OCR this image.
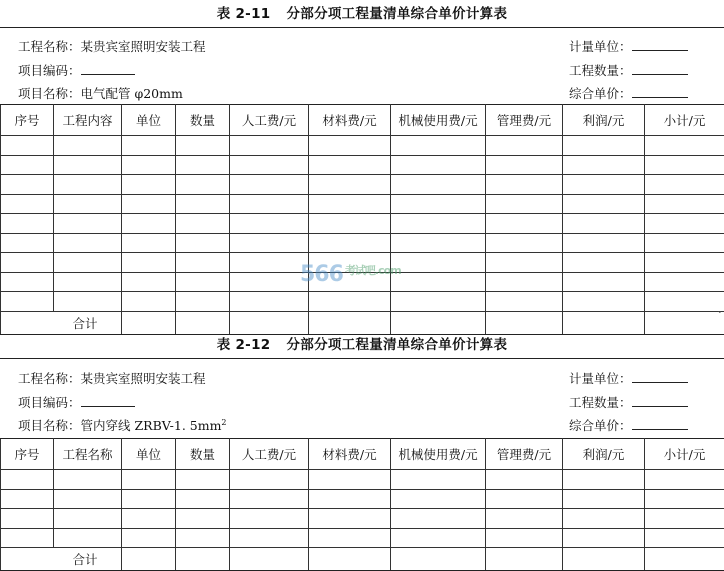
表 2-11 分部分项工程量清单综合单价计算表
工程名称：某贵宾室照明安装工程
项目编码：
项目名称：电气配管 φ20mm
计量单位：
工程数量：
综合单价：
序号	工程内容	单位	数量	人工费/元	材料费/元	机械使用费/元	管理费/元	利润/元	小计/元

合计										ˇ
表 2-12 分部分项工程量清单综合单价计算表
工程名称：某贵宾室照明安装工程
项目编码：
项目名称：管内穿线 ZRBV-1. $5mm^2$
计量单位：
工程数量：
综合单价：
序号	工程名称	单位	数量	人工费/元	材料费/元	机械使用费/元	管理费/元	利润/元	小计/元

合计									
566 $^{考试吧.com}$
